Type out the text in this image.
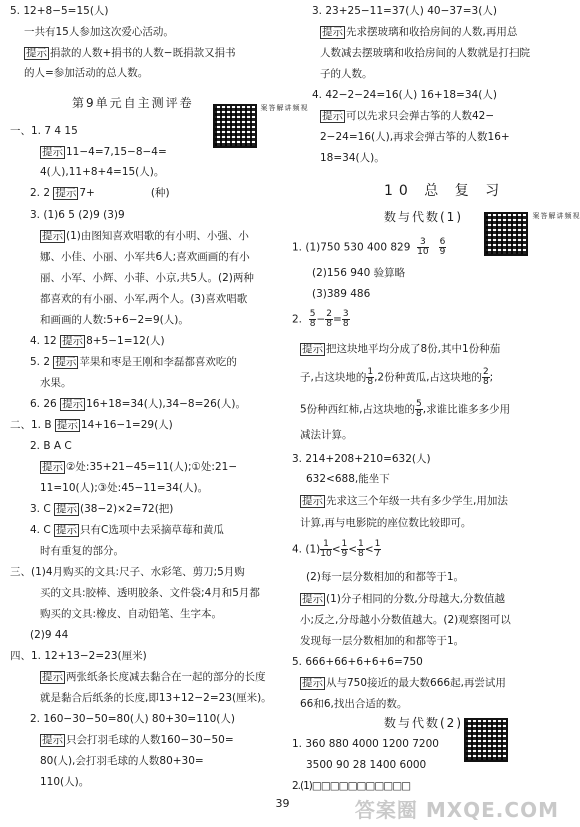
5. 12+8−5=15(人)
一共有15人参加这次爱心活动。
提示 捐款的人数+捐书的人数−既捐款又捐书
的人=参加活动的总人数。
第9单元自主测评卷	视频讲解答案
一、1. 7 4 15
提示 11−4=7,15−8−4=
4(人),11+8+4=15(人)。
2. 2 提示 7+	(种)
3. (1)6 5 (2)9 (3)9
提示 (1)由图知喜欢唱歌的有小明、小强、小
娜、小佳、小丽、小军共6人;喜欢画画的有小
丽、小军、小辉、小菲、小京,共5人。(2)两种
都喜欢的有小丽、小军,两个人。(3)喜欢唱歌
和画画的人数:5+6−2=9(人)。
4. 12 提示 8+5−1=12(人)
5. 2 提示 苹果和枣是王刚和李磊都喜欢吃的
水果。
6. 26 提示 16+18=34(人),34−8=26(人)。
二、1. B 提示 14+16−1=29(人)
2. B A C
提示 ②处:35+21−45=11(人);①处:21−
11=10(人);③处:45−11=34(人)。
3. C 提示 (38−2)×2=72(把)
4. C 提示 只有C选项中去采摘草莓和黄瓜
时有重复的部分。
三、(1)4月购买的文具:尺子、水彩笔、剪刀;5月购
买的文具:胶棒、透明胶条、文件袋;4月和5月都
购买的文具:橡皮、自动铅笔、生字本。
(2)9 44
四、1. 12+13−2=23(厘米)
提示 两张纸条长度减去黏合在一起的部分的长度
就是黏合后纸条的长度,即13+12−2=23(厘米)。
2. 160−30−50=80(人) 80+30=110(人)
提示 只会打羽毛球的人数160−30−50=
80(人),会打羽毛球的人数80+30=
110(人)。
3. 23+25−11=37(人) 40−37=3(人)
提示 先求摆玻璃和收拾房间的人数,再用总
人数减去摆玻璃和收拾房间的人数就是打扫院
子的人数。
4. 42−2−24=16(人) 16+18=34(人)
提示 可以先求只会弹古筝的人数42−
2−24=16(人),再求会弹古筝的人数16+
18=34(人)。
10 总 复 习
数与代数(1)	视频讲解答案
1. (1)750 530 400 $829 \frac{3}{10}$
$\frac{6}{9}$
(2)156 940 验算略
(3)389 486
2. $\frac{5}{8} - \frac{2}{8} = \frac{3}{8}$
提示 把这块地平均分成了8份,其中1份种茄
子,占这块地的 $\frac{1}{8} ,2$份种黄瓜,占这块地的 $\frac{2}{8}$ ;
5份种西红柿,占这块地的 $\frac{5}{8}$ ,求谁比谁多多少用
减法计算。
3. 214+208+210=632(人)
632<688,能坐下
提示 先求这三个年级一共有多少学生,用加法
计算,再与电影院的座位数比较即可。
4. $(1) \frac{1}{10} < \frac{1}{9} < \frac{1}{8} < \frac{1}{7}$
(2)每一层分数相加的和都等于1。
提示 (1)分子相同的分数,分母越大,分数值越
小;反之,分母越小分数值越大。(2)观察图可以
发现每一层分数相加的和都等于1。
5. 666+66+6+6+6=750
提示 从与750接近的最大数666起,再尝试用
66和6,找出合适的数。
数与代数(2)
1. 360 880 4000 1200 7200
3500 90 28 1400 6000
2.(1)□□□□□□□□□□□
39	答案圈 MXQE.COM
